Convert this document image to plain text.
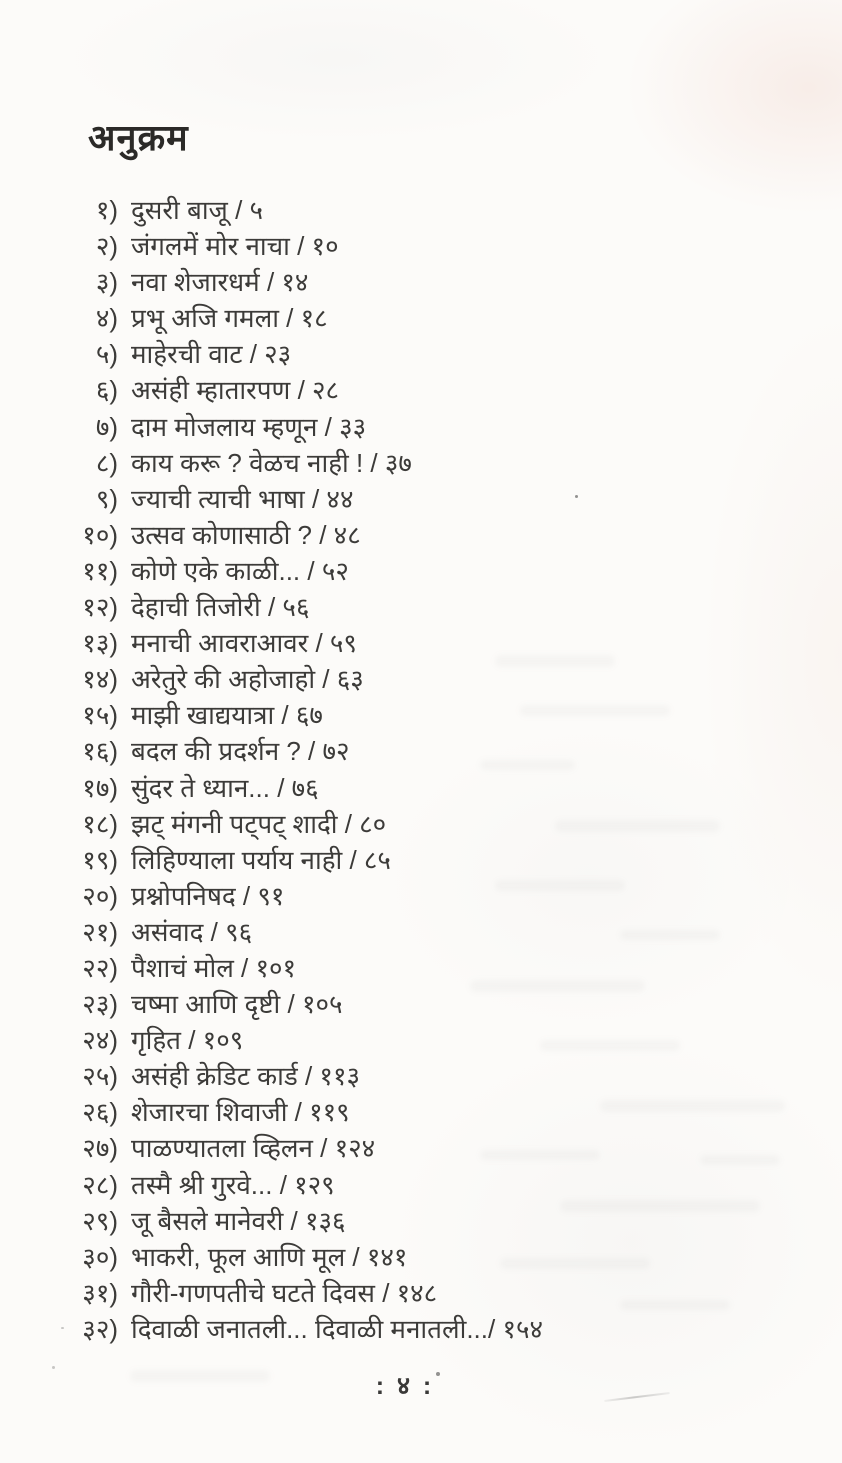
अनुक्रम
१) दुसरी बाजू / ५
२) जंगलमें मोर नाचा / १०
३) नवा शेजारधर्म / १४
४) प्रभू अजि गमला / १८
५) माहेरची वाट / २३
६) असंही म्हातारपण / २८
७) दाम मोजलाय म्हणून / ३३
८) काय करू ? वेळच नाही ! / ३७
९) ज्याची त्याची भाषा / ४४
१०) उत्सव कोणासाठी ? / ४८
११) कोणे एके काळी... / ५२
१२) देहाची तिजोरी / ५६
१३) मनाची आवराआवर / ५९
१४) अरेतुरे की अहोजाहो / ६३
१५) माझी खाद्ययात्रा / ६७
१६) बदल की प्रदर्शन ? / ७२
१७) सुंदर ते ध्यान... / ७६
१८) झट् मंगनी पट्पट् शादी / ८०
१९) लिहिण्याला पर्याय नाही / ८५
२०) प्रश्नोपनिषद / ९१
२१) असंवाद / ९६
२२) पैशाचं मोल / १०१
२३) चष्मा आणि दृष्टी / १०५
२४) गृहित / १०९
२५) असंही क्रेडिट कार्ड / ११३
२६) शेजारचा शिवाजी / ११९
२७) पाळण्यातला व्हिलन / १२४
२८) तस्मै श्री गुरवे... / १२९
२९) जू बैसले मानेवरी / १३६
३०) भाकरी, फूल आणि मूल / १४१
३१) गौरी-गणपतीचे घटते दिवस / १४८
३२) दिवाळी जनातली... दिवाळी मनातली.../ १५४
: ४ :
